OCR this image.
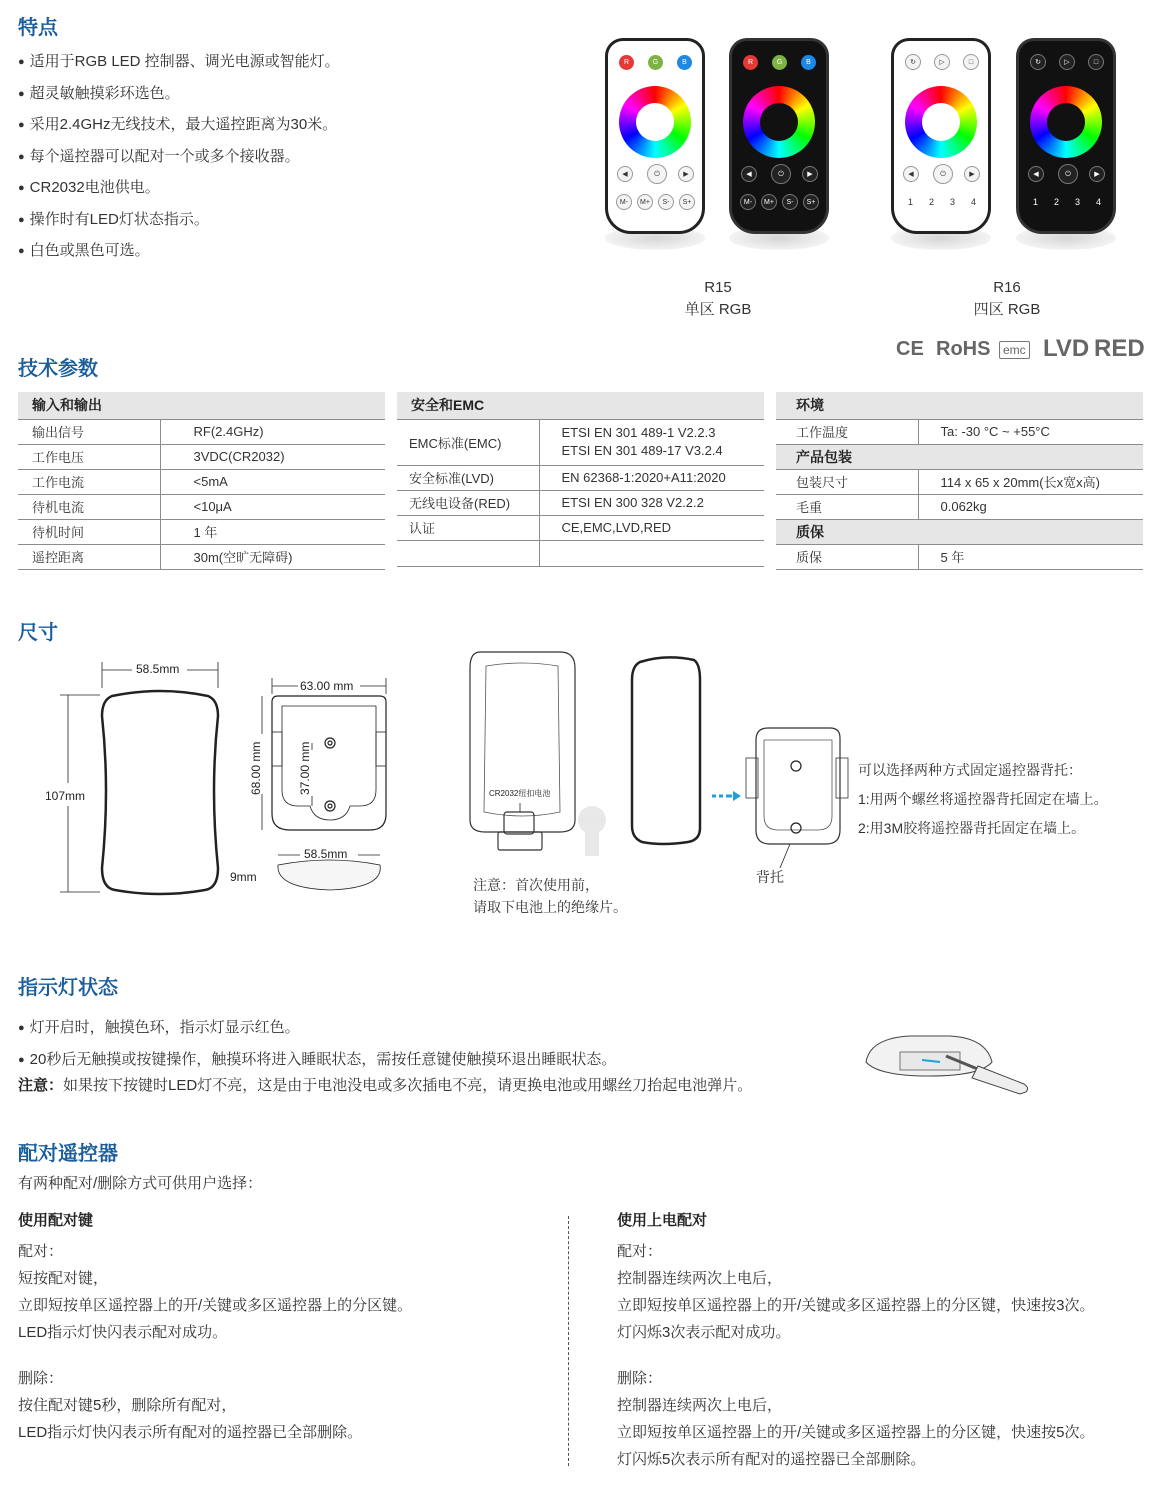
特点
● 适用于RGB LED 控制器、调光电源或智能灯。
● 超灵敏触摸彩环选色。
● 采用2.4GHz无线技术，最大遥控距离为30米。
● 每个遥控器可以配对一个或多个接收器。
● CR2032电池供电。
● 操作时有LED灯状态指示。
● 白色或黑色可选。
R	G	B
◀	⏻	▶
M-	M+	S-	S+
R	G	B
◀	⏻	▶
M-	M+	S-	S+
↻	▷	□
◀	⏻	▶
1 2 3 4
↻	▷	□
◀	⏻	▶
1 2 3 4
R15
单区 RGB
R16
四区 RGB
CE RoHS	emc LVD RED
技术参数
输入和输出	
输出信号	RF(2.4GHz)
工作电压	3VDC(CR2032)
工作电流	<5mA
待机电流	<10μA
待机时间	1 年
遥控距离	30m(空旷无障碍)
安全和EMC	
EMC标准(EMC)	ETSI EN 301 489-1 V2.2.3
ETSI EN 301 489-17 V3.2.4

安全标准(LVD)	EN 62368-1:2020+A11:2020
无线电设备(RED)	ETSI EN 300 328 V2.2.2
认证	CE,EMC,LVD,RED

环境	
工作温度	Ta: -30 °C ~ +55°C
产品包装	
包装尺寸	114 x 65 x 20mm(长x宽x高)
毛重	0.062kg
质保	
质保	5 年
尺寸
58.5mm
107mm
63.00 mm
68.00 mm	37.00 mm
58.5mm
9mm
CR2032纽扣电池
注意：首次使用前，
请取下电池上的绝缘片。
背托
可以选择两种方式固定遥控器背托：
1:用两个螺丝将遥控器背托固定在墙上。
2:用3M胶将遥控器背托固定在墙上。
指示灯状态
● 灯开启时，触摸色环，指示灯显示红色。
● 20秒后无触摸或按键操作，触摸环将进入睡眠状态，需按任意键使触摸环退出睡眠状态。
注意：如果按下按键时LED灯不亮，这是由于电池没电或多次插电不亮，请更换电池或用螺丝刀抬起电池弹片。
配对遥控器
有两种配对/删除方式可供用户选择：
使用配对键
配对：
短按配对键，
立即短按单区遥控器上的开/关键或多区遥控器上的分区键。
LED指示灯快闪表示配对成功。
删除：
按住配对键5秒，删除所有配对，
LED指示灯快闪表示所有配对的遥控器已全部删除。
使用上电配对
配对：
控制器连续两次上电后，
立即短按单区遥控器上的开/关键或多区遥控器上的分区键，快速按3次。
灯闪烁3次表示配对成功。
删除：
控制器连续两次上电后，
立即短按单区遥控器上的开/关键或多区遥控器上的分区键，快速按5次。
灯闪烁5次表示所有配对的遥控器已全部删除。
